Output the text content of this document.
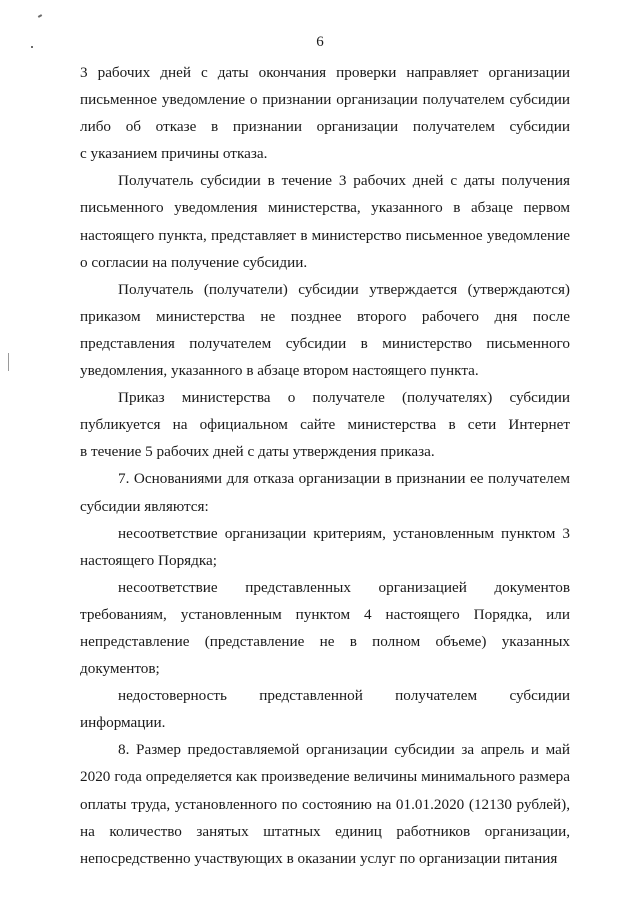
6
3 рабочих дней с даты окончания проверки направляет организации
письменное уведомление о признании организации получателем субсидии
либо об отказе в признании организации получателем субсидии
с указанием причины отказа.
Получатель субсидии в течение 3 рабочих дней с даты получения
письменного уведомления министерства, указанного в абзаце первом
настоящего пункта, представляет в министерство письменное уведомление
о согласии на получение субсидии.
Получатель (получатели) субсидии утверждается (утверждаются)
приказом министерства не позднее второго рабочего дня после
представления получателем субсидии в министерство письменного
уведомления, указанного в абзаце втором настоящего пункта.
Приказ министерства о получателе (получателях) субсидии
публикуется на официальном сайте министерства в сети Интернет
в течение 5 рабочих дней с даты утверждения приказа.
7. Основаниями для отказа организации в признании ее получателем
субсидии являются:
несоответствие организации критериям, установленным пунктом 3
настоящего Порядка;
несоответствие представленных организацией документов
требованиям, установленным пунктом 4 настоящего Порядка, или
непредставление (представление не в полном объеме) указанных
документов;
недостоверность представленной получателем субсидии
информации.
8. Размер предоставляемой организации субсидии за апрель и май
2020 года определяется как произведение величины минимального размера
оплаты труда, установленного по состоянию на 01.01.2020 (12130 рублей),
на количество занятых штатных единиц работников организации,
непосредственно участвующих в оказании услуг по организации питания
